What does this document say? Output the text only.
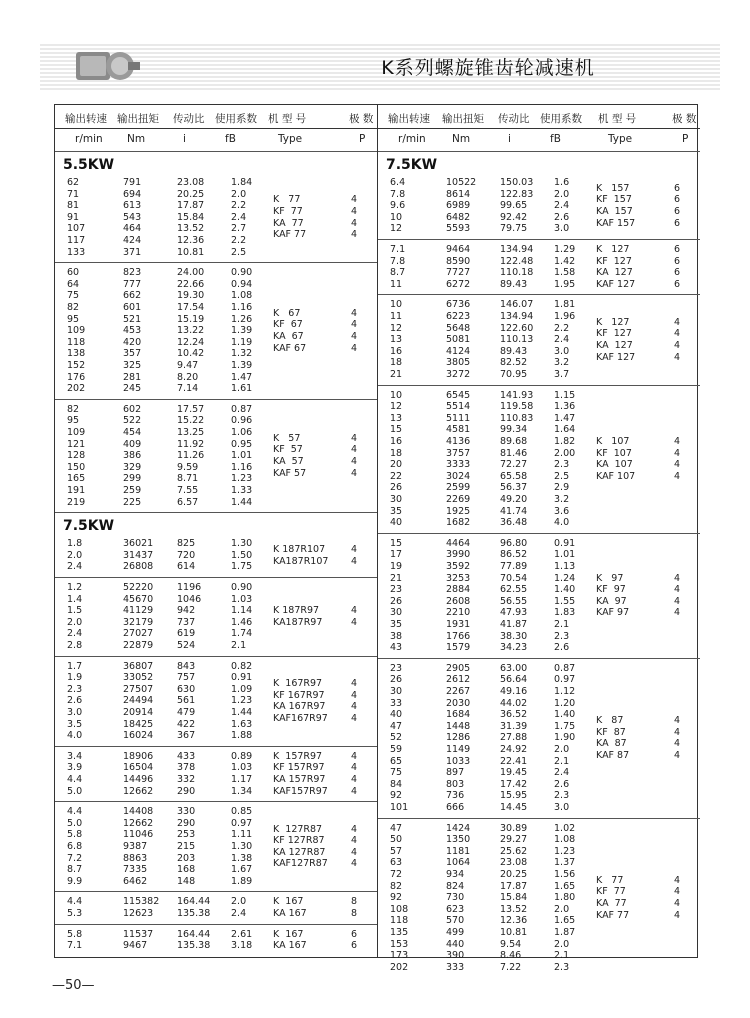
K系列螺旋锥齿轮减速机
输出转速 输出扭矩 传动比 使用系数 机 型 号	极 数
r/min Nm	i	fB	Type	P
5.5KW
62	791	23.08	1.84
71	694	20.25	2.0
81	613	17.87	2.2
91	543	15.84	2.4
107	464	13.52	2.7
117	424	12.36	2.2
133	371	10.81	2.5
K   77	4
KF  77	4
KA  77	4
KAF 77	4
60	823	24.00	0.90
64	777	22.66	0.94
75	662	19.30	1.08
82	601	17.54	1.16
95	521	15.19	1.26
109	453	13.22	1.39
118	420	12.24	1.19
138	357	10.42	1.32
152	325	9.47	1.39
176	281	8.20	1.47
202	245	7.14	1.61
K   67	4
KF  67	4
KA  67	4
KAF 67	4
82	602	17.57	0.87
95	522	15.22	0.96
109	454	13.25	1.06
121	409	11.92	0.95
128	386	11.26	1.01
150	329	9.59	1.16
165	299	8.71	1.23
191	259	7.55	1.33
219	225	6.57	1.44
K   57	4
KF  57	4
KA  57	4
KAF 57	4
7.5KW
1.8	36021	825	1.30
2.0	31437	720	1.50
2.4	26808	614	1.75
K 187R107	4
KA187R107 4
1.2	52220	1196	0.90
1.4	45670	1046	1.03
1.5	41129	942	1.14
2.0	32179	737	1.46
2.4	27027	619	1.74
2.8	22879	524	2.1
K 187R97	4
KA187R97	4
1.7	36807	843	0.82
1.9	33052	757	0.91
2.3	27507	630	1.09
2.6	24494	561	1.23
3.0	20914	479	1.44
3.5	18425	422	1.63
4.0	16024	367	1.88
K  167R97	4
KF 167R97	4
KA 167R97	4
KAF167R97 4
3.4	18906	433	0.89
3.9	16504	378	1.03
4.4	14496	332	1.17
5.0	12662	290	1.34
K  157R97	4
KF 157R97	4
KA 157R97	4
KAF157R97 4
4.4	14408	330	0.85
5.0	12662	290	0.97
5.8	11046	253	1.11
6.8	9387	215	1.30
7.2	8863	203	1.38
8.7	7335	168	1.67
9.9	6462	148	1.89
K  127R87	4
KF 127R87	4
KA 127R87	4
KAF127R87 4
4.4	115382 164.44 2.0
5.3	12623	135.38 2.4
K  167	8
KA 167	8
5.8	11537	164.44 2.61
7.1	9467	135.38 3.18
K  167	6
KA 167	6
输出转速 输出扭矩 传动比 使用系数 机 型 号	极 数
r/min	Nm	i	fB	Type	P
7.5KW
6.4	10522	150.03 1.6
7.8	8614	122.83 2.0
9.6	6989	99.65	2.4
10	6482	92.42	2.6
12	5593	79.75	3.0
K   157	6
KF  157	6
KA  157	6
KAF 157	6
7.1	9464	134.94 1.29
7.8	8590	122.48 1.42
8.7	7727	110.18 1.58
11	6272	89.43	1.95
K   127	6
KF  127	6
KA  127	6
KAF 127	6
10	6736	146.07 1.81
11	6223	134.94 1.96
12	5648	122.60 2.2
13	5081	110.13 2.4
16	4124	89.43	3.0
18	3805	82.52	3.2
21	3272	70.95	3.7
K   127	4
KF  127	4
KA  127	4
KAF 127	4
10	6545	141.93 1.15
12	5514	119.58 1.36
13	5111	110.83 1.47
15	4581	99.34	1.64
16	4136	89.68	1.82
18	3757	81.46	2.00
20	3333	72.27	2.3
22	3024	65.58	2.5
26	2599	56.37	2.9
30	2269	49.20	3.2
35	1925	41.74	3.6
40	1682	36.48	4.0
K   107	4
KF  107	4
KA  107	4
KAF 107	4
15	4464	96.80	0.91
17	3990	86.52	1.01
19	3592	77.89	1.13
21	3253	70.54	1.24
23	2884	62.55	1.40
26	2608	56.55	1.55
30	2210	47.93	1.83
35	1931	41.87	2.1
38	1766	38.30	2.3
43	1579	34.23	2.6
K   97	4
KF  97	4
KA  97	4
KAF 97	4
23	2905	63.00	0.87
26	2612	56.64	0.97
30	2267	49.16	1.12
33	2030	44.02	1.20
40	1684	36.52	1.40
47	1448	31.39	1.75
52	1286	27.88	1.90
59	1149	24.92	2.0
65	1033	22.41	2.1
75	897	19.45	2.4
84	803	17.42	2.6
92	736	15.95	2.3
101	666	14.45	3.0
K   87	4
KF  87	4
KA  87	4
KAF 87	4
47	1424	30.89	1.02
50	1350	29.27	1.08
57	1181	25.62	1.23
63	1064	23.08	1.37
72	934	20.25	1.56
82	824	17.87	1.65
92	730	15.84	1.80
108	623	13.52	2.0
118	570	12.36	1.65
135	499	10.81	1.87
153	440	9.54	2.0
173	390	8.46	2.1
202	333	7.22	2.3
K   77	4
KF  77	4
KA  77	4
KAF 77	4
—50—
